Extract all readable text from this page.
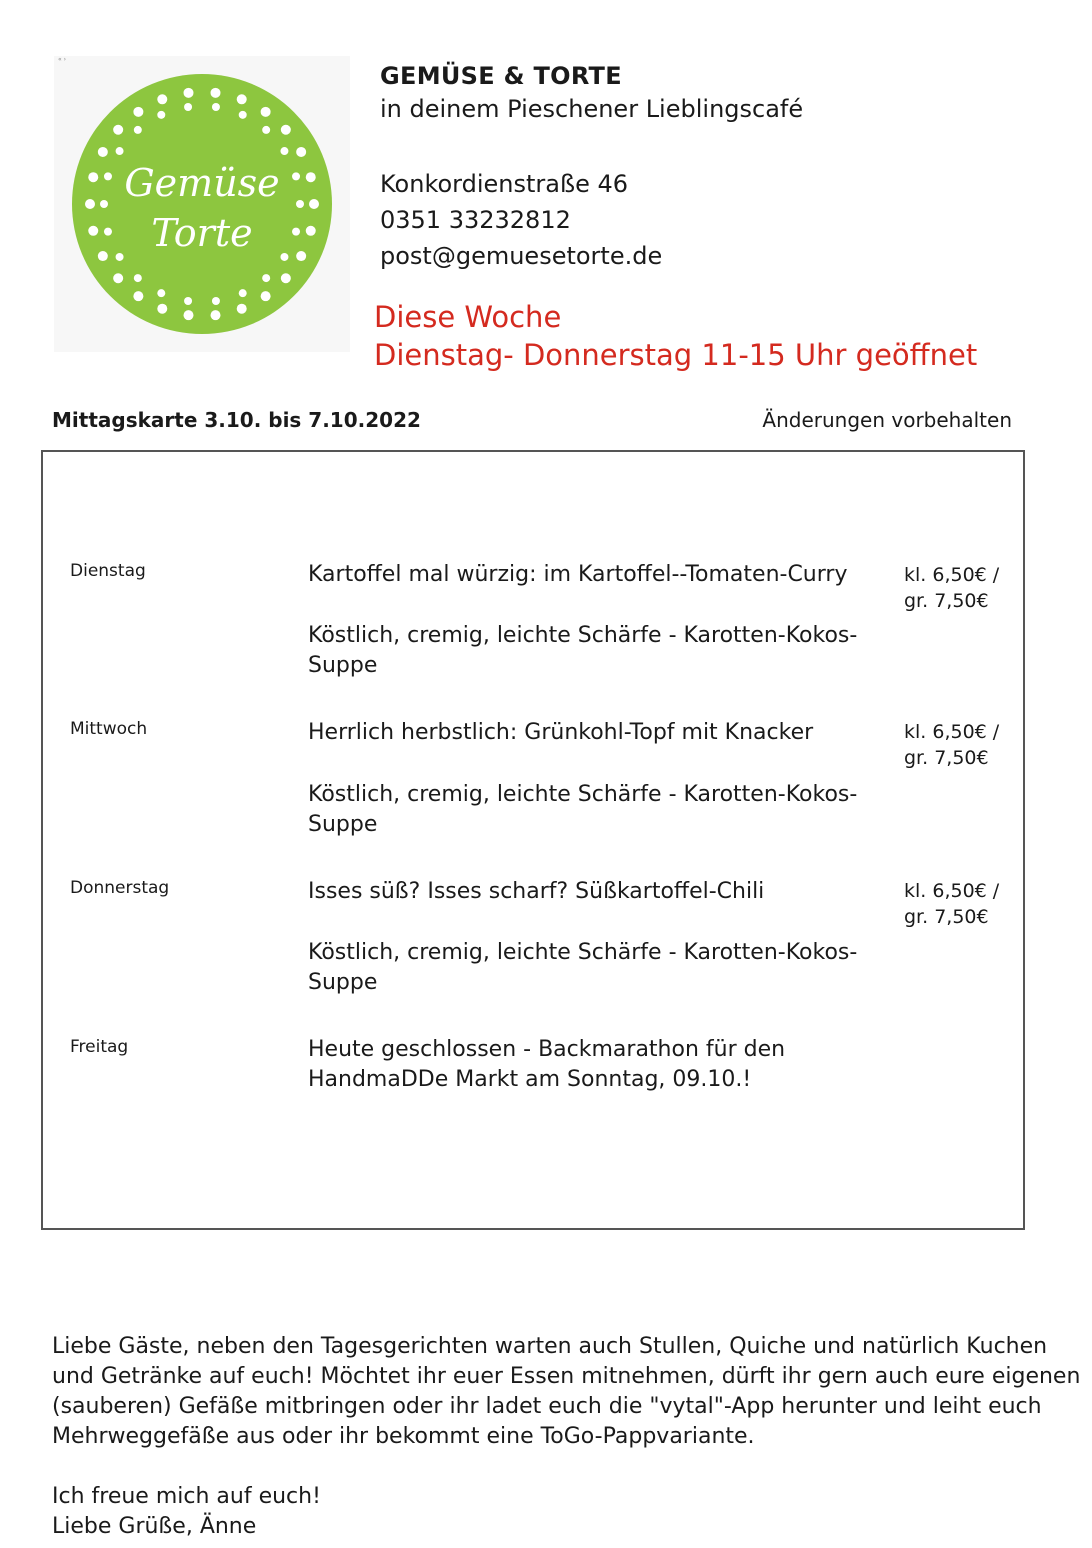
« ›
Gemüse
Torte
GEMÜSE & TORTE
in deinem Pieschener Lieblingscafé
Konkordienstraße 46
0351 33232812
post@gemuesetorte.de
Diese Woche
Dienstag- Donnerstag 11-15 Uhr geöffnet
Mittagskarte 3.10. bis 7.10.2022	Änderungen vorbehalten
Dienstag	Kartoffel mal würzig: im Kartoffel--Tomaten-Curry	kl. 6,50€ /
gr. 7,50€
Köstlich, cremig, leichte Schärfe - Karotten-Kokos-Suppe
Mittwoch	Herrlich herbstlich: Grünkohl-Topf mit Knacker	kl. 6,50€ /
gr. 7,50€
Köstlich, cremig, leichte Schärfe - Karotten-Kokos-Suppe
Donnerstag	Isses süß? Isses scharf? Süßkartoffel-Chili	kl. 6,50€ /
gr. 7,50€
Köstlich, cremig, leichte Schärfe - Karotten-Kokos-Suppe
Freitag	Heute geschlossen - Backmarathon für den HandmaDDe Markt am Sonntag, 09.10.!
Liebe Gäste, neben den Tagesgerichten warten auch Stullen, Quiche und natürlich Kuchen und Getränke auf euch! Möchtet ihr euer Essen mitnehmen, dürft ihr gern auch eure eigenen (sauberen) Gefäße mitbringen oder ihr ladet euch die "vytal"-App herunter und leiht euch Mehrweggefäße aus oder ihr bekommt eine ToGo-Pappvariante.
Ich freue mich auf euch!
Liebe Grüße, Änne
